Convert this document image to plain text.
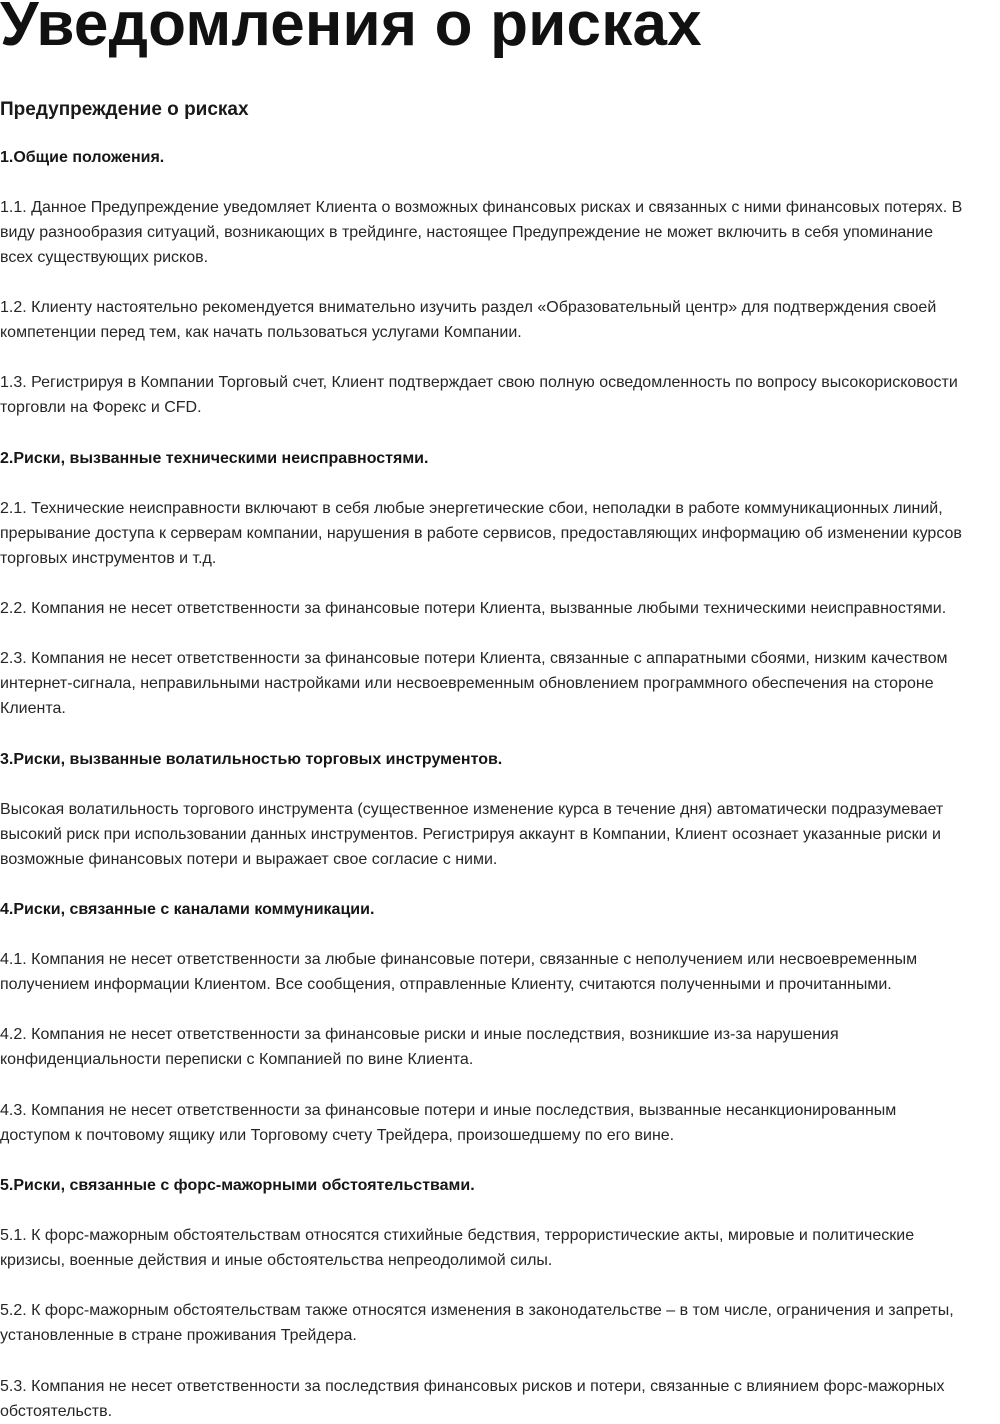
Уведомления о рисках
Предупреждение о рисках
1.Общие положения.
1.1. Данное Предупреждение уведомляет Клиента о возможных финансовых рисках и связанных с ними финансовых потерях. В
виду разнообразия ситуаций, возникающих в трейдинге, настоящее Предупреждение не может включить в себя упоминание
всех существующих рисков.
1.2. Клиенту настоятельно рекомендуется внимательно изучить раздел «Образовательный центр» для подтверждения своей
компетенции перед тем, как начать пользоваться услугами Компании.
1.3. Регистрируя в Компании Торговый счет, Клиент подтверждает свою полную осведомленность по вопросу высокорисковости
торговли на Форекс и CFD.
2.Риски, вызванные техническими неисправностями.
2.1. Технические неисправности включают в себя любые энергетические сбои, неполадки в работе коммуникационных линий,
прерывание доступа к серверам компании, нарушения в работе сервисов, предоставляющих информацию об изменении курсов
торговых инструментов и т.д.
2.2. Компания не несет ответственности за финансовые потери Клиента, вызванные любыми техническими неисправностями.
2.3. Компания не несет ответственности за финансовые потери Клиента, связанные с аппаратными сбоями, низким качеством
интернет-сигнала, неправильными настройками или несвоевременным обновлением программного обеспечения на стороне
Клиента.
3.Риски, вызванные волатильностью торговых инструментов.
Высокая волатильность торгового инструмента (существенное изменение курса в течение дня) автоматически подразумевает
высокий риск при использовании данных инструментов. Регистрируя аккаунт в Компании, Клиент осознает указанные риски и
возможные финансовых потери и выражает свое согласие с ними.
4.Риски, связанные с каналами коммуникации.
4.1. Компания не несет ответственности за любые финансовые потери, связанные с неполучением или несвоевременным
получением информации Клиентом. Все сообщения, отправленные Клиенту, считаются полученными и прочитанными.
4.2. Компания не несет ответственности за финансовые риски и иные последствия, возникшие из-за нарушения
конфиденциальности переписки с Компанией по вине Клиента.
4.3. Компания не несет ответственности за финансовые потери и иные последствия, вызванные несанкционированным
доступом к почтовому ящику или Торговому счету Трейдера, произошедшему по его вине.
5.Риски, связанные с форс-мажорными обстоятельствами.
5.1. К форс-мажорным обстоятельствам относятся стихийные бедствия, террористические акты, мировые и политические
кризисы, военные действия и иные обстоятельства непреодолимой силы.
5.2. К форс-мажорным обстоятельствам также относятся изменения в законодательстве – в том числе, ограничения и запреты,
установленные в стране проживания Трейдера.
5.3. Компания не несет ответственности за последствия финансовых рисков и потери, связанные с влиянием форс-мажорных
обстоятельств.
